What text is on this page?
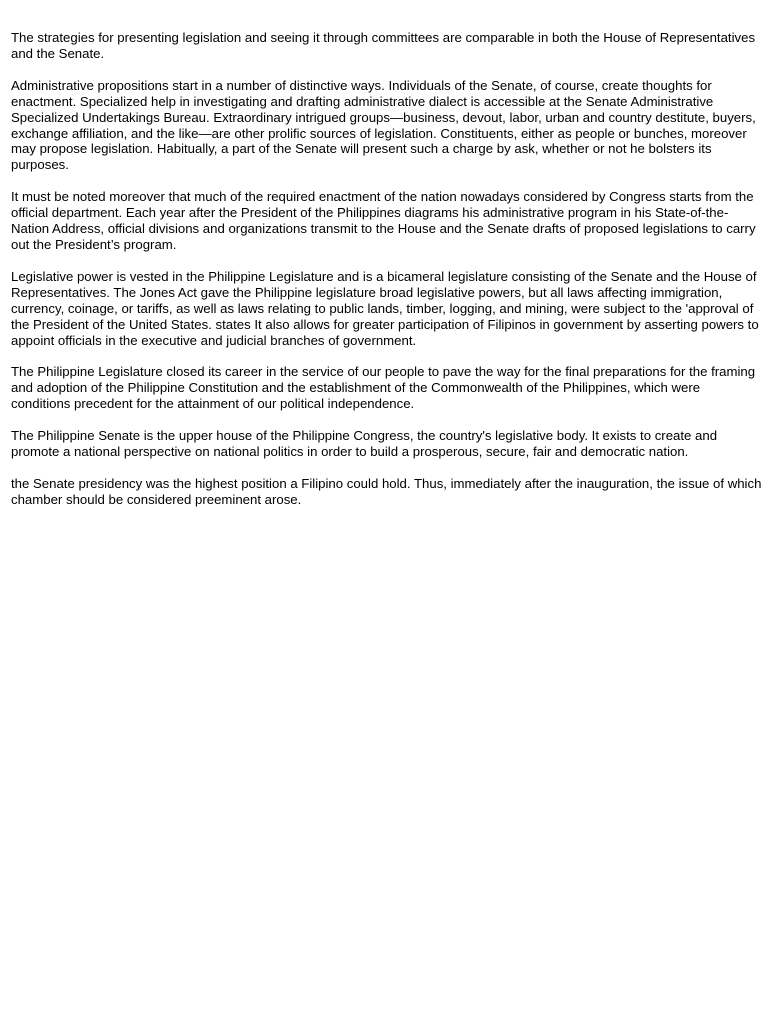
The strategies for presenting legislation and seeing it through committees are comparable in both the House of Representatives and the Senate.

Administrative propositions start in a number of distinctive ways. Individuals of the Senate, of course, create thoughts for enactment. Specialized help in investigating and drafting administrative dialect is accessible at the Senate Administrative Specialized Undertakings Bureau. Extraordinary intrigued groups—business, devout, labor, urban and country destitute, buyers, exchange affiliation, and the like—are other prolific sources of legislation. Constituents, either as people or bunches, moreover may propose legislation. Habitually, a part of the Senate will present such a charge by ask, whether or not he bolsters its purposes.

It must be noted moreover that much of the required enactment of the nation nowadays considered by Congress starts from the official department. Each year after the President of the Philippines diagrams his administrative program in his State-of-the-Nation Address, official divisions and organizations transmit to the House and the Senate drafts of proposed legislations to carry out the President’s program.

Legislative power is vested in the Philippine Legislature and is a bicameral legislature consisting of the Senate and the House of Representatives. The Jones Act gave the Philippine legislature broad legislative powers, but all laws affecting immigration, currency, coinage, or tariffs, as well as laws relating to public lands, timber, logging, and mining, were subject to the 'approval of the President of the United States. states It also allows for greater participation of Filipinos in government by asserting powers to appoint officials in the executive and judicial branches of government.

The Philippine Legislature closed its career in the service of our people to pave the way for the final preparations for the framing and adoption of the Philippine Constitution and the establishment of the Commonwealth of the Philippines, which were conditions precedent for the attainment of our political independence.

The Philippine Senate is the upper house of the Philippine Congress, the country's legislative body. It exists to create and promote a national perspective on national politics in order to build a prosperous, secure, fair and democratic nation.

the Senate presidency was the highest position a Filipino could hold. Thus, immediately after the inauguration, the issue of which chamber should be considered preeminent arose.
